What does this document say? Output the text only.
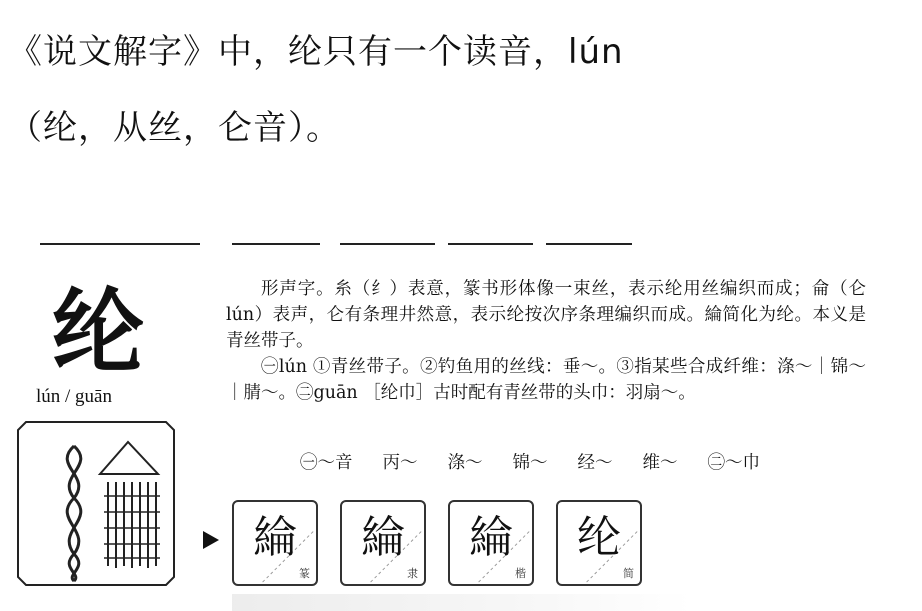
《说文解字》中，纶只有一个读音，lún
（纶，从丝，仑音）。
纶
lún / guān

形声字。糸（纟）表意，篆书形体像一束丝，表示纶用丝编织而成；侖（仑lún）表声，仑有条理井然意，表示纶按次序条理编织而成。綸简化为纶。本义是青丝带子。

㊀lún ①青丝带子。②钓鱼用的丝线：垂～。③指某些合成纤维：涤～｜锦～｜腈～。㊁guān ［纶巾］古时配有青丝带的头巾：羽扇～。

㊀～音 丙～ 涤～ 锦～ 经～ 维～ ㊁～巾
綸
篆
綸
隶
綸
楷
纶
简
